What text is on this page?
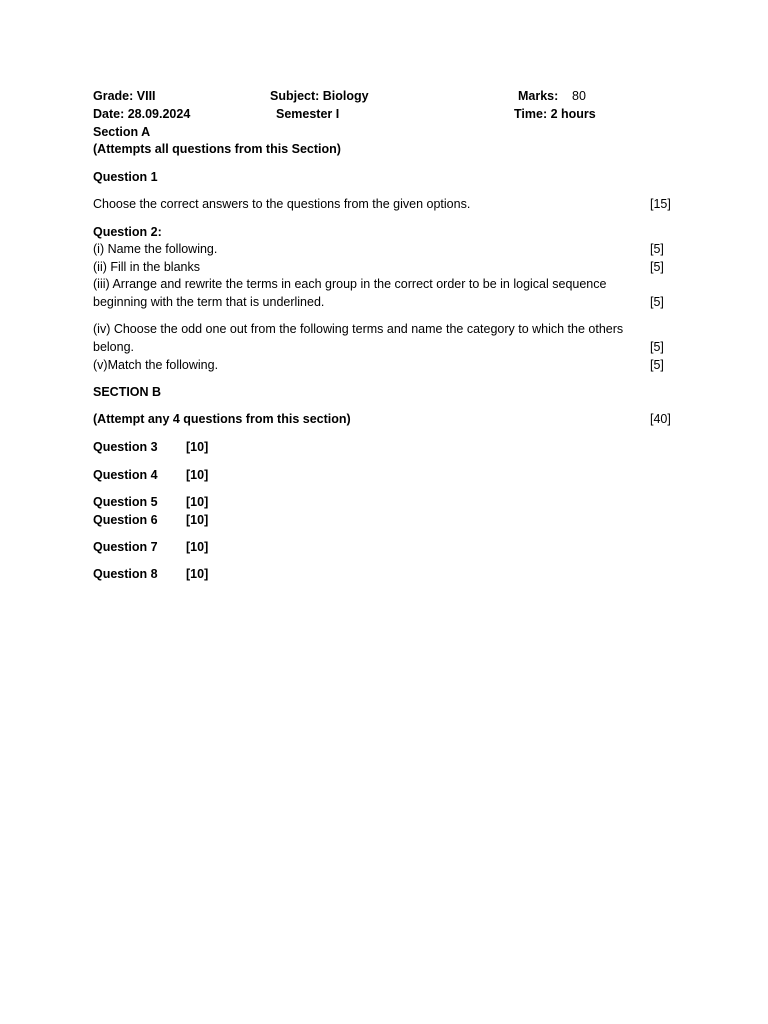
Grade: VIII	Subject: Biology	Marks: 80
Date: 28.09.2024	Semester I	Time: 2 hours
Section A
(Attempts all questions from this Section)
Question 1
Choose the correct answers to the questions from the given options.	[15]
Question 2:
(i) Name the following.	[5]
(ii) Fill in the blanks	[5]
(iii) Arrange and rewrite the terms in each group in the correct order to be in logical sequence
beginning with the term that is underlined.	[5]
(iv) Choose the odd one out from the following terms and name the category to which the others
belong.	[5]
(v)Match the following.	[5]
SECTION B
(Attempt any 4 questions from this section)	[40]
Question 3 [10]
Question 4 [10]
Question 5 [10]
Question 6 [10]
Question 7 [10]
Question 8 [10]
